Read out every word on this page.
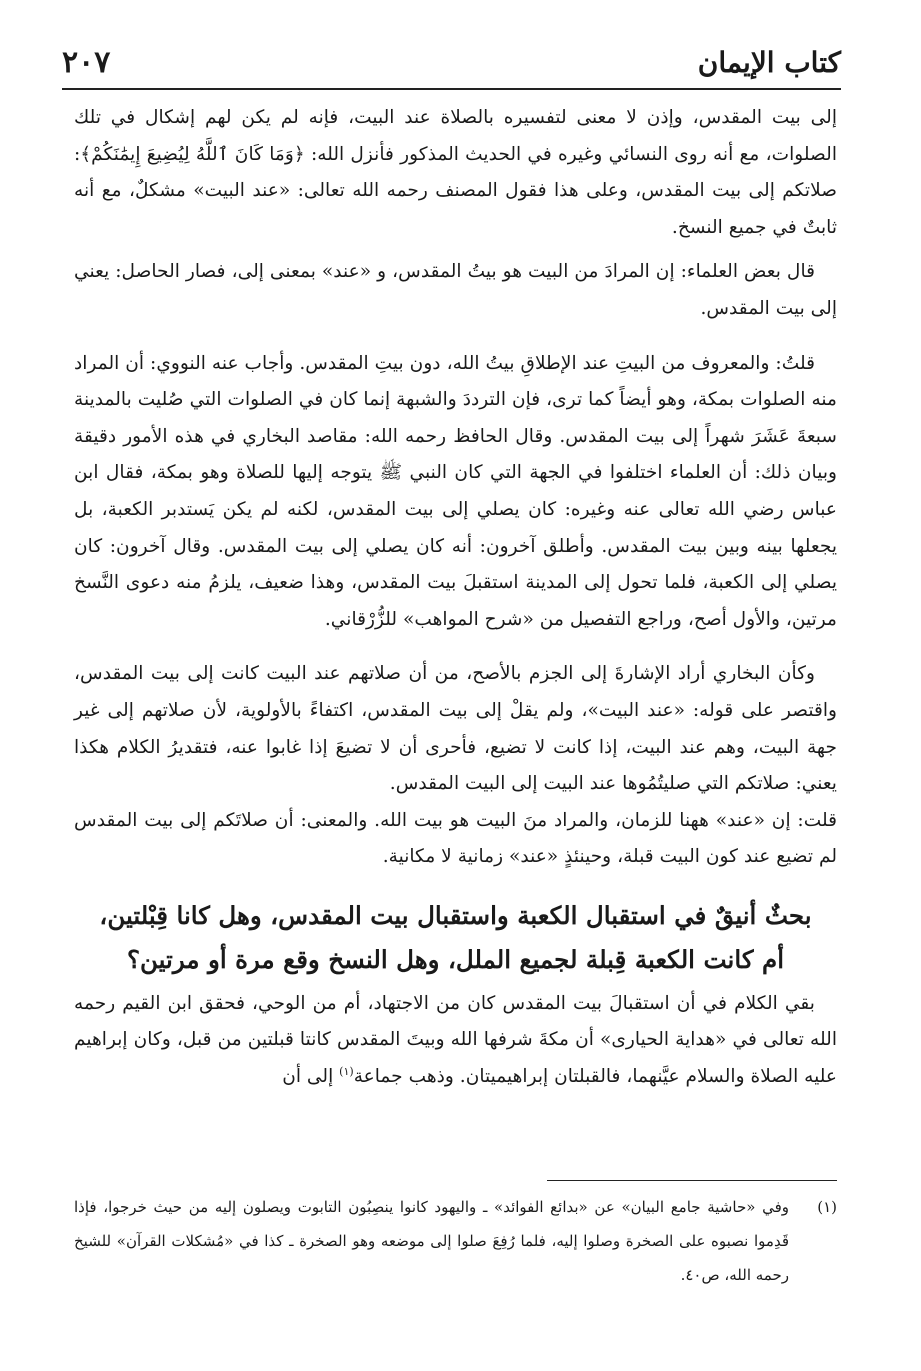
٢٠٧	كتاب الإيمان

إلى بيت المقدس، وإذن لا معنى لتفسيره بالصلاة عند البيت، فإنه لم يكن لهم إشكال في تلك الصلوات، مع أنه روى النسائي وغيره في الحديث المذكور فأنزل الله: ﴿وَمَا كَانَ ٱللَّهُ لِيُضِيعَ إِيمَٰنَكُمْ﴾: صلاتكم إلى بيت المقدس، وعلى هذا فقول المصنف رحمه الله تعالى: «عند البيت» مشكلٌ، مع أنه ثابتٌ في جميع النسخ.

قال بعض العلماء: إن المرادَ من البيت هو بيتُ المقدس، و «عند» بمعنى إلى، فصار الحاصل: يعني إلى بيت المقدس.

قلتُ: والمعروف من البيتِ عند الإطلاقِ بيتُ الله، دون بيتِ المقدس. وأجاب عنه النووي: أن المراد منه الصلوات بمكة، وهو أيضاً كما ترى، فإن الترددَ والشبهة إنما كان في الصلوات التي صُليت بالمدينة سبعةَ عَشَرَ شهراً إلى بيت المقدس. وقال الحافظ رحمه الله: مقاصد البخاري في هذه الأمور دقيقة وبيان ذلك: أن العلماء اختلفوا في الجهة التي كان النبي ﷺ يتوجه إليها للصلاة وهو بمكة، فقال ابن عباس رضي الله تعالى عنه وغيره: كان يصلي إلى بيت المقدس، لكنه لم يكن يَستدبر الكعبة، بل يجعلها بينه وبين بيت المقدس. وأطلق آخرون: أنه كان يصلي إلى بيت المقدس. وقال آخرون: كان يصلي إلى الكعبة، فلما تحول إلى المدينة استقبلَ بيت المقدس، وهذا ضعيف، يلزمُ منه دعوى النَّسخ مرتين، والأول أصح، وراجع التفصيل من «شرح المواهب» للزُّرْقاني.

وكأن البخاري أراد الإشارةَ إلى الجزم بالأصح، من أن صلاتهم عند البيت كانت إلى بيت المقدس، واقتصر على قوله: «عند البيت»، ولم يقلْ إلى بيت المقدس، اكتفاءً بالأولوية، لأن صلاتهم إلى غير جهة البيت، وهم عند البيت، إذا كانت لا تضيع، فأحرى أن لا تضيعَ إذا غابوا عنه، فتقديرُ الكلام هكذا يعني: صلاتكم التي صليتُمُوها عند البيت إلى البيت المقدس.

قلت: إن «عند» ههنا للزمان، والمراد منَ البيت هو بيت الله. والمعنى: أن صلاتَكم إلى بيت المقدس لم تضيع عند كون البيت قبلة، وحينئذٍ «عند» زمانية لا مكانية.

بحثٌ أنيقٌ في استقبال الكعبة واستقبال بيت المقدس، وهل كانا قِبْلتين،
أم كانت الكعبة قِبلة لجميع الملل، وهل النسخ وقع مرة أو مرتين؟

بقي الكلام في أن استقبالَ بيت المقدس كان من الاجتهاد، أم من الوحي، فحقق ابن القيم رحمه الله تعالى في «هداية الحيارى» أن مكةَ شرفها الله وبيتَ المقدس كانتا قبلتين من قبل، وكان إبراهيم عليه الصلاة والسلام عيَّنهما، فالقبلتان إبراهيميتان. وذهب جماعة$^{(١)}$ إلى أن

(١)
وفي «حاشية جامع البيان» عن «بدائع الفوائد» ـ واليهود كانوا ينصِبُون التابوت ويصلون إليه من حيث خرجوا، فإذا قَدِموا نصبوه على الصخرة وصلوا إليه، فلما رُفِعَ صلوا إلى موضعه وهو الصخرة ـ كذا في «مُشكلات القرآن» للشيخ رحمه الله، ص٤٠.
